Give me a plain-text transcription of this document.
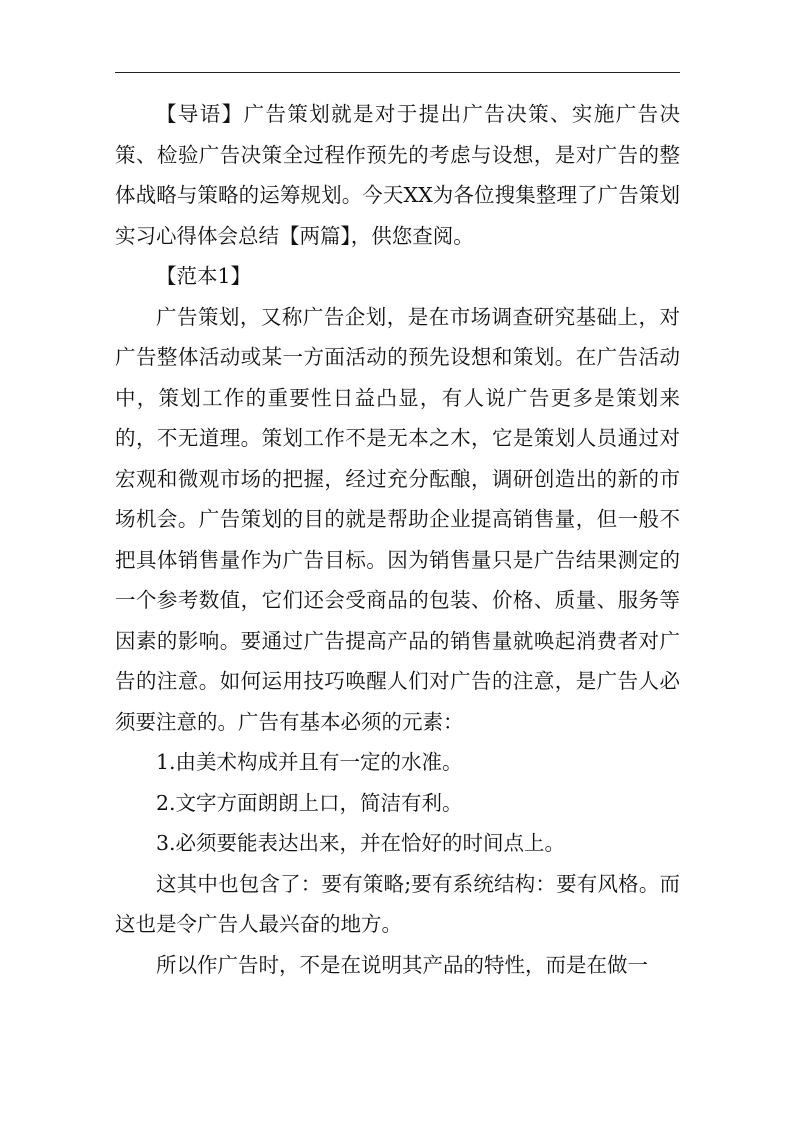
【导语】广告策划就是对于提出广告决策、实施广告决策、检验广告决策全过程作预先的考虑与设想，是对广告的整体战略与策略的运筹规划。今天XX为各位搜集整理了广告策划实习心得体会总结【两篇】，供您查阅。

【范本1】

广告策划，又称广告企划，是在市场调查研究基础上，对广告整体活动或某一方面活动的预先设想和策划。在广告活动中，策划工作的重要性日益凸显，有人说广告更多是策划来的，不无道理。策划工作不是无本之木，它是策划人员通过对宏观和微观市场的把握，经过充分酝酿，调研创造出的新的市场机会。广告策划的目的就是帮助企业提高销售量，但一般不把具体销售量作为广告目标。因为销售量只是广告结果测定的一个参考数值，它们还会受商品的包装、价格、质量、服务等因素的影响。要通过广告提高产品的销售量就唤起消费者对广告的注意。如何运用技巧唤醒人们对广告的注意，是广告人必须要注意的。广告有基本必须的元素：

1.由美术构成并且有一定的水准。

2.文字方面朗朗上口，简洁有利。

3.必须要能表达出来，并在恰好的时间点上。

这其中也包含了：要有策略;要有系统结构：要有风格。而这也是令广告人最兴奋的地方。

所以作广告时，不是在说明其产品的特性，而是在做一
